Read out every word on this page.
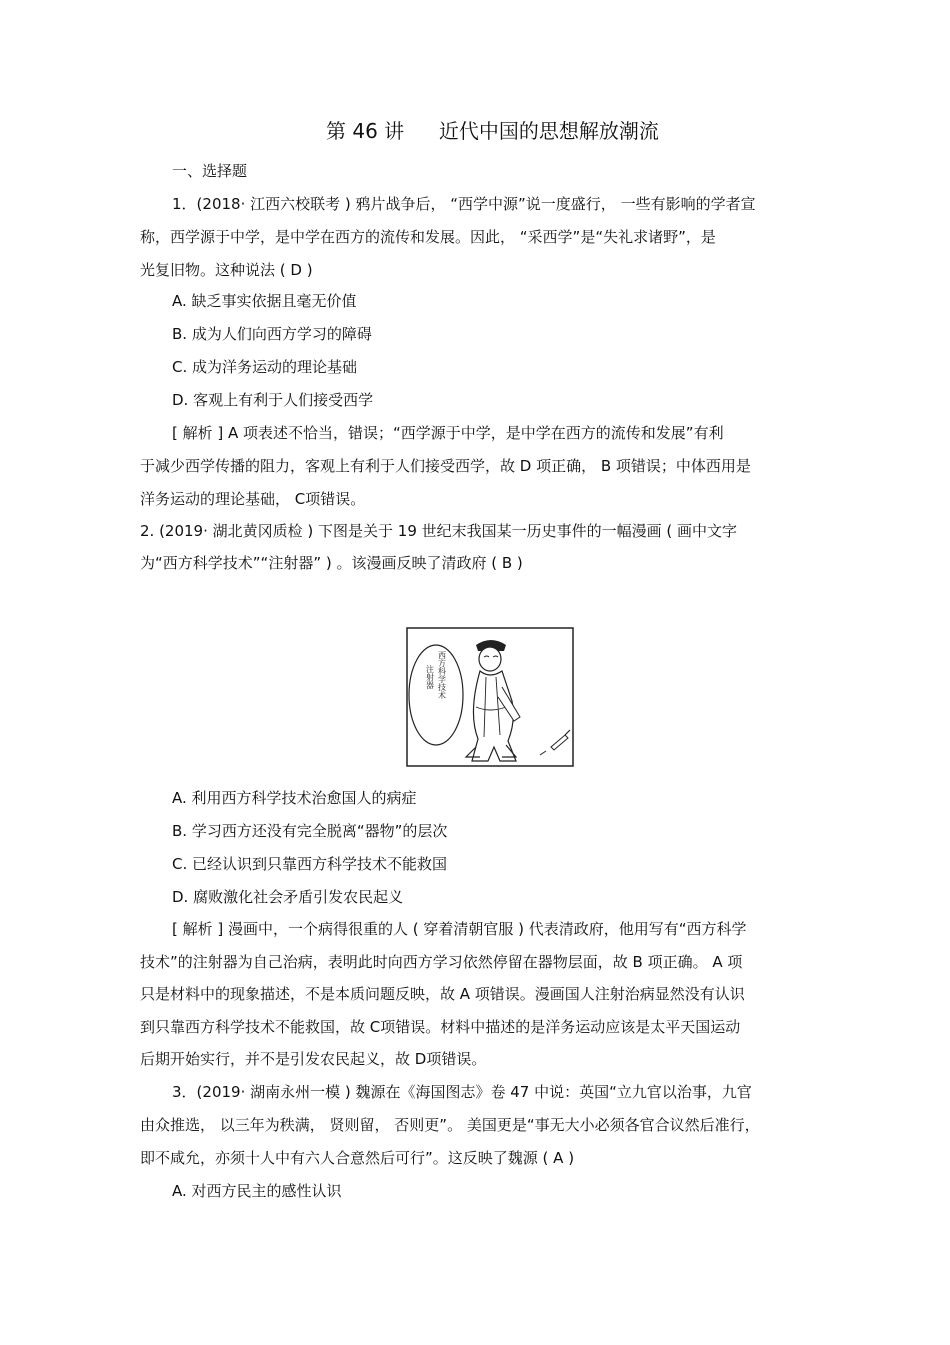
第 46 讲 近代中国的思想解放潮流
一、选择题
1．(2018· 江西六校联考 ) 鸦片战争后， “西学中源”说一度盛行， 一些有影响的学者宣
称，西学源于中学，是中学在西方的流传和发展。因此， “采西学”是“失礼求诸野”，是
光复旧物。这种说法 ( D )
A. 缺乏事实依据且毫无价值
B. 成为人们向西方学习的障碍
C. 成为洋务运动的理论基础
D. 客观上有利于人们接受西学
[ 解析 ] A 项表述不恰当，错误；“西学源于中学，是中学在西方的流传和发展”有利
于减少西学传播的阻力，客观上有利于人们接受西学，故 D 项正确， B 项错误；中体西用是
洋务运动的理论基础， C项错误。
2. (2019· 湖北黄冈质检 ) 下图是关于 19 世纪末我国某一历史事件的一幅漫画 ( 画中文字
为“西方科学技术”“注射器” ) 。该漫画反映了清政府 ( B )
西方科学技术
注射器
A. 利用西方科学技术治愈国人的病症
B. 学习西方还没有完全脱离“器物”的层次
C. 已经认识到只靠西方科学技术不能救国
D. 腐败激化社会矛盾引发农民起义
[ 解析 ] 漫画中，一个病得很重的人 ( 穿着清朝官服 ) 代表清政府，他用写有“西方科学
技术”的注射器为自己治病，表明此时向西方学习依然停留在器物层面，故 B 项正确。 A 项
只是材料中的现象描述，不是本质问题反映，故 A 项错误。漫画国人注射治病显然没有认识
到只靠西方科学技术不能救国，故 C项错误。材料中描述的是洋务运动应该是太平天国运动
后期开始实行，并不是引发农民起义，故 D项错误。
3．(2019· 湖南永州一模 ) 魏源在《海国图志》卷 47 中说：英国“立九官以治事，九官
由众推选， 以三年为秩满， 贤则留， 否则更”。 美国更是“事无大小必须各官合议然后准行，
即不咸允，亦须十人中有六人合意然后可行”。这反映了魏源 ( A )
A. 对西方民主的感性认识
